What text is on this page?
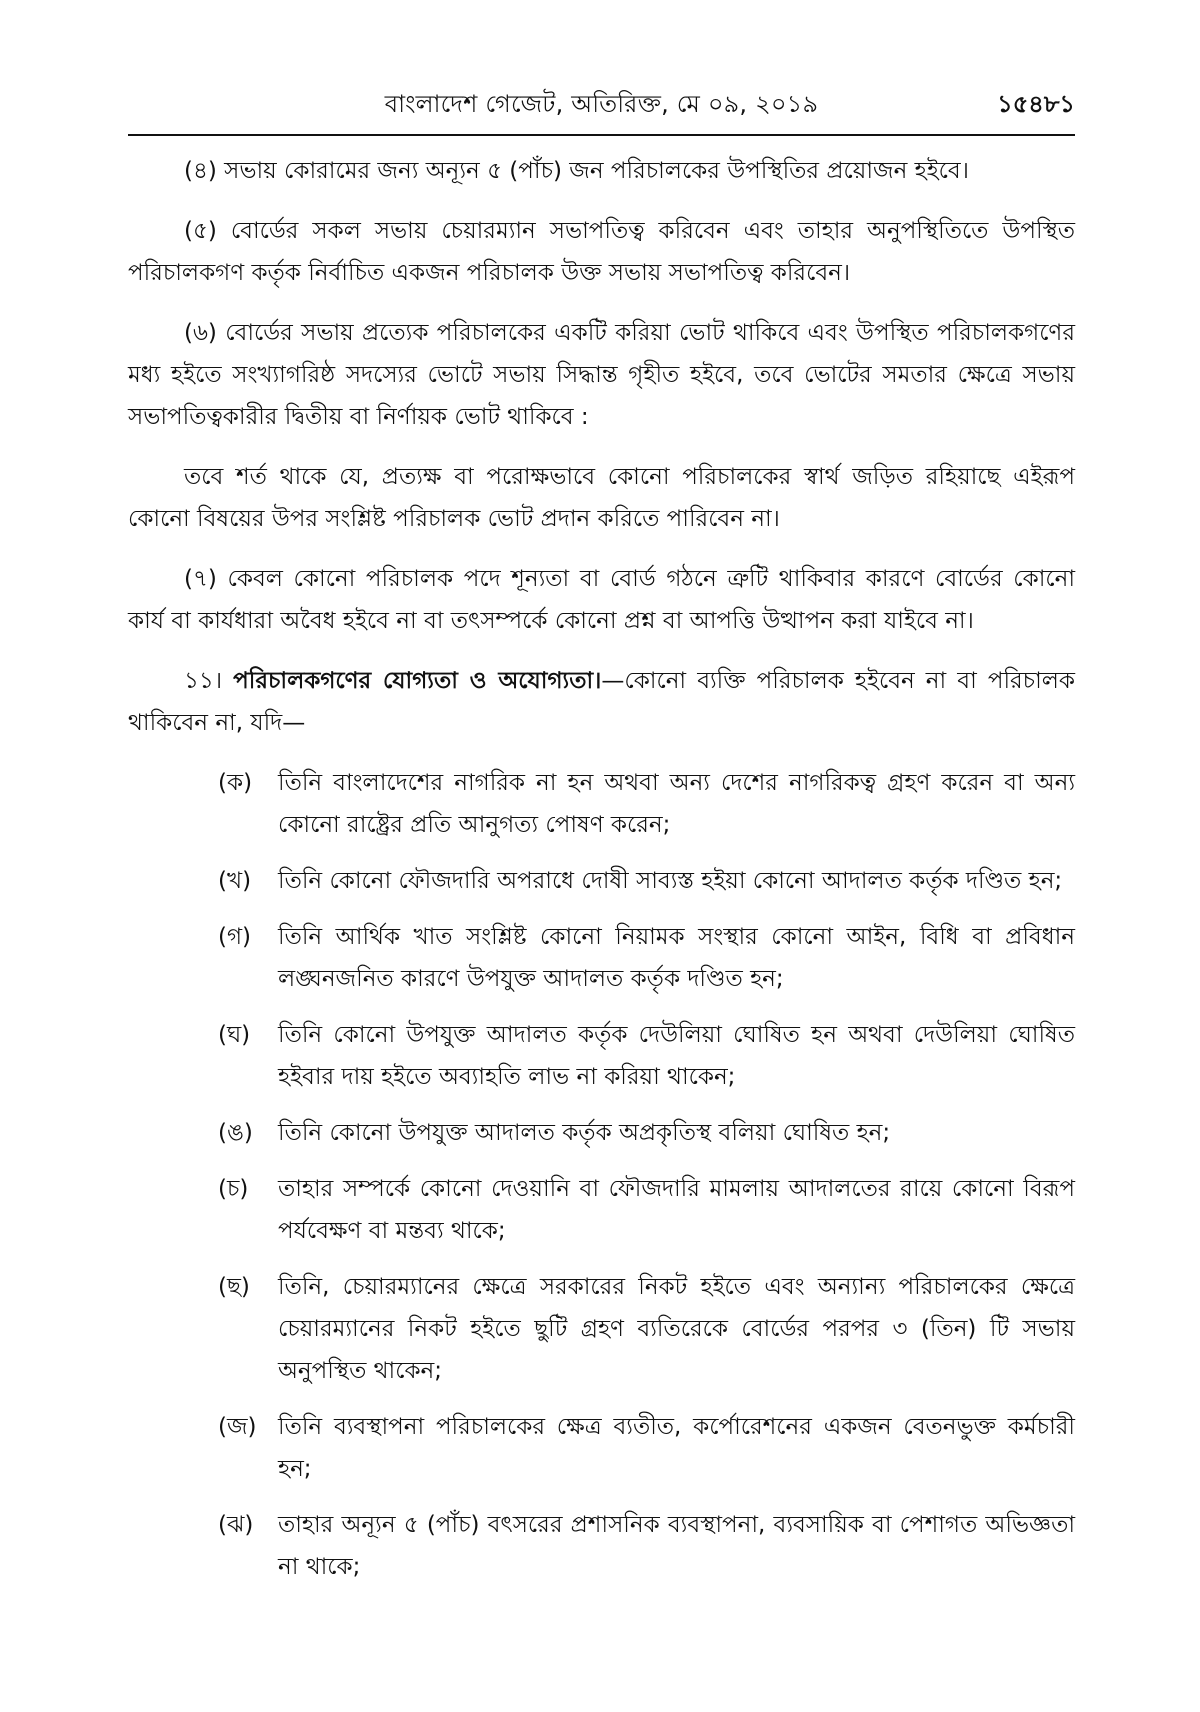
বাংলাদেশ গেজেট, অতিরিক্ত, মে ০৯, ২০১৯	১৫৪৮১

(৪) সভায় কোরামের জন্য অন্যূন ৫ (পাঁচ) জন পরিচালকের উপস্থিতির প্রয়োজন হইবে।

(৫) বোর্ডের সকল সভায় চেয়ারম্যান সভাপতিত্ব করিবেন এবং তাহার অনুপস্থিতিতে উপস্থিত পরিচালকগণ কর্তৃক নির্বাচিত একজন পরিচালক উক্ত সভায় সভাপতিত্ব করিবেন।

(৬) বোর্ডের সভায় প্রত্যেক পরিচালকের একটি করিয়া ভোট থাকিবে এবং উপস্থিত পরিচালকগণের মধ্য হইতে সংখ্যাগরিষ্ঠ সদস্যের ভোটে সভায় সিদ্ধান্ত গৃহীত হইবে, তবে ভোটের সমতার ক্ষেত্রে সভায় সভাপতিত্বকারীর দ্বিতীয় বা নির্ণায়ক ভোট থাকিবে :

তবে শর্ত থাকে যে, প্রত্যক্ষ বা পরোক্ষভাবে কোনো পরিচালকের স্বার্থ জড়িত রহিয়াছে এইরূপ কোনো বিষয়ের উপর সংশ্লিষ্ট পরিচালক ভোট প্রদান করিতে পারিবেন না।

(৭) কেবল কোনো পরিচালক পদে শূন্যতা বা বোর্ড গঠনে ত্রুটি থাকিবার কারণে বোর্ডের কোনো কার্য বা কার্যধারা অবৈধ হইবে না বা তৎসম্পর্কে কোনো প্রশ্ন বা আপত্তি উত্থাপন করা যাইবে না।

১১। পরিচালকগণের যোগ্যতা ও অযোগ্যতা।—কোনো ব্যক্তি পরিচালক হইবেন না বা পরিচালক থাকিবেন না, যদি—

(ক)	তিনি বাংলাদেশের নাগরিক না হন অথবা অন্য দেশের নাগরিকত্ব গ্রহণ করেন বা অন্য কোনো রাষ্ট্রের প্রতি আনুগত্য পোষণ করেন;
(খ)	তিনি কোনো ফৌজদারি অপরাধে দোষী সাব্যস্ত হইয়া কোনো আদালত কর্তৃক দণ্ডিত হন;
(গ)	তিনি আর্থিক খাত সংশ্লিষ্ট কোনো নিয়ামক সংস্থার কোনো আইন, বিধি বা প্রবিধান লঙ্ঘনজনিত কারণে উপযুক্ত আদালত কর্তৃক দণ্ডিত হন;
(ঘ)	তিনি কোনো উপযুক্ত আদালত কর্তৃক দেউলিয়া ঘোষিত হন অথবা দেউলিয়া ঘোষিত হইবার দায় হইতে অব্যাহতি লাভ না করিয়া থাকেন;
(ঙ)	তিনি কোনো উপযুক্ত আদালত কর্তৃক অপ্রকৃতিস্থ বলিয়া ঘোষিত হন;
(চ)	তাহার সম্পর্কে কোনো দেওয়ানি বা ফৌজদারি মামলায় আদালতের রায়ে কোনো বিরূপ পর্যবেক্ষণ বা মন্তব্য থাকে;
(ছ)	তিনি, চেয়ারম্যানের ক্ষেত্রে সরকারের নিকট হইতে এবং অন্যান্য পরিচালকের ক্ষেত্রে চেয়ারম্যানের নিকট হইতে ছুটি গ্রহণ ব্যতিরেকে বোর্ডের পরপর ৩ (তিন) টি সভায় অনুপস্থিত থাকেন;
(জ) তিনি ব্যবস্থাপনা পরিচালকের ক্ষেত্র ব্যতীত, কর্পোরেশনের একজন বেতনভুক্ত কর্মচারী হন;
(ঝ)	তাহার অন্যূন ৫ (পাঁচ) বৎসরের প্রশাসনিক ব্যবস্থাপনা, ব্যবসায়িক বা পেশাগত অভিজ্ঞতা না থাকে;
